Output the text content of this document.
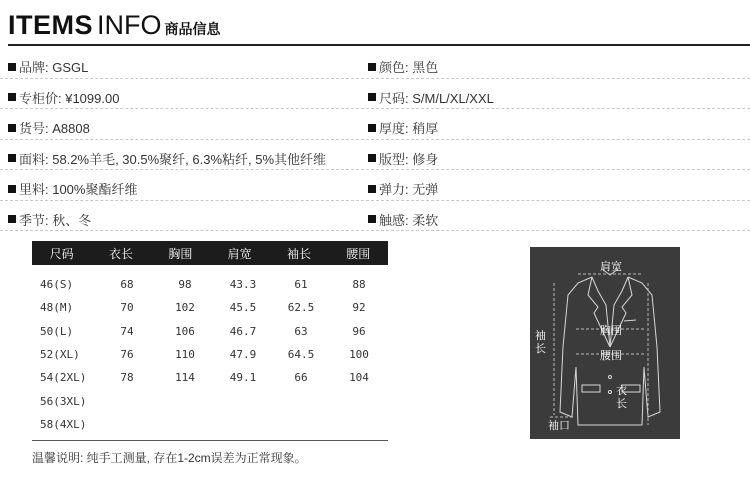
ITEMS INFO 商品信息
品牌: GSGL	颜色: 黑色
专柜价: ¥1099.00	尺码: S/M/L/XL/XXL
货号: A8808	厚度: 稍厚
面料: 58.2%羊毛, 30.5%聚纤, 6.3%粘纤, 5%其他纤维	版型: 修身
里料: 100%聚酯纤维	弹力: 无弹
季节: 秋、冬	触感: 柔软
尺码	衣长	胸围	肩宽	袖长	腰围
46(S)	68	98	43.3	61	88
48(M)	70	102	45.5	62.5	92
50(L)	74	106	46.7	63	96
52(XL)	76	110	47.9	64.5	100
54(2XL)	78	114	49.1	66	104
56(3XL)
58(4XL)
温馨说明: 纯手工测量, 存在1-2cm误差为正常现象。
肩宽
胸围
腰围
袖
长
衣
长
袖口
